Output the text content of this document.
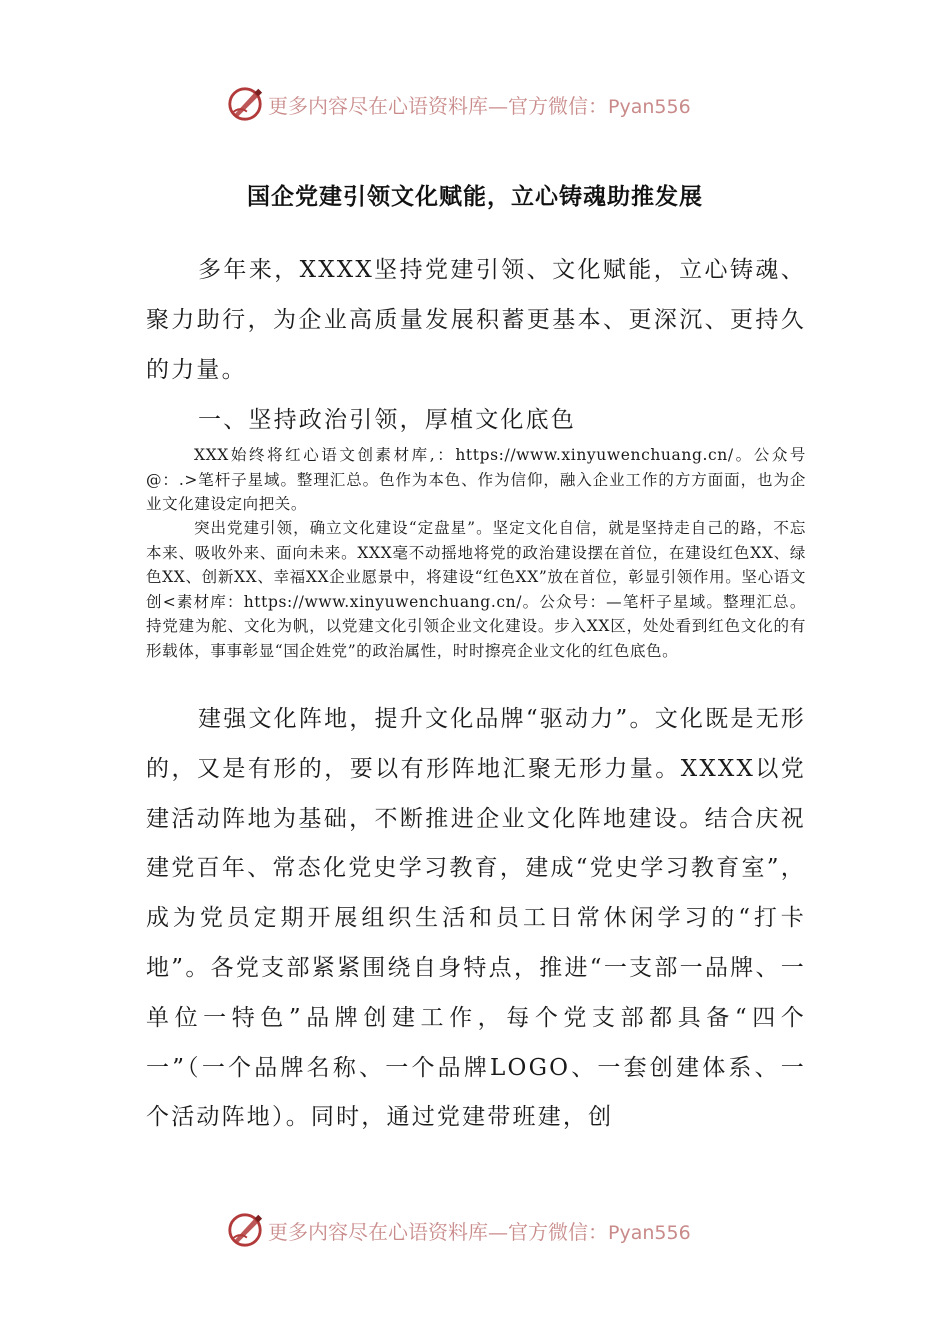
更多内容尽在心语资料库—官方微信：Pyan556
国企党建引领文化赋能，立心铸魂助推发展
多年来，XXXX坚持党建引领、文化赋能，立心铸魂、聚力助行，为企业高质量发展积蓄更基本、更深沉、更持久的力量。
一、坚持政治引领，厚植文化底色
XXX始终将红心语文创素材库,：https://www.xinyuwenchuang.cn/。公众号@：.>笔杆子星域。整理汇总。色作为本色、作为信仰，融入企业工作的方方面面，也为企业文化建设定向把关。
突出党建引领，确立文化建设“定盘星”。坚定文化自信，就是坚持走自己的路，不忘本来、吸收外来、面向未来。XXX毫不动摇地将党的政治建设摆在首位，在建设红色XX、绿色XX、创新XX、幸福XX企业愿景中，将建设“红色XX”放在首位，彰显引领作用。坚心语文创<素材库：https://www.xinyuwenchuang.cn/。公众号：—笔杆子星域。整理汇总。持党建为舵、文化为帆，以党建文化引领企业文化建设。步入XX区，处处看到红色文化的有形载体，事事彰显“国企姓党”的政治属性，时时擦亮企业文化的红色底色。
建强文化阵地，提升文化品牌“驱动力”。文化既是无形的，又是有形的，要以有形阵地汇聚无形力量。XXXX以党建活动阵地为基础，不断推进企业文化阵地建设。结合庆祝建党百年、常态化党史学习教育，建成“党史学习教育室”，成为党员定期开展组织生活和员工日常休闲学习的“打卡地”。各党支部紧紧围绕自身特点，推进“一支部一品牌、一单位一特色”品牌创建工作，每个党支部都具备“四个一”（一个品牌名称、一个品牌LOGO、一套创建体系、一个活动阵地）。同时，通过党建带班建，创
更多内容尽在心语资料库—官方微信：Pyan556
